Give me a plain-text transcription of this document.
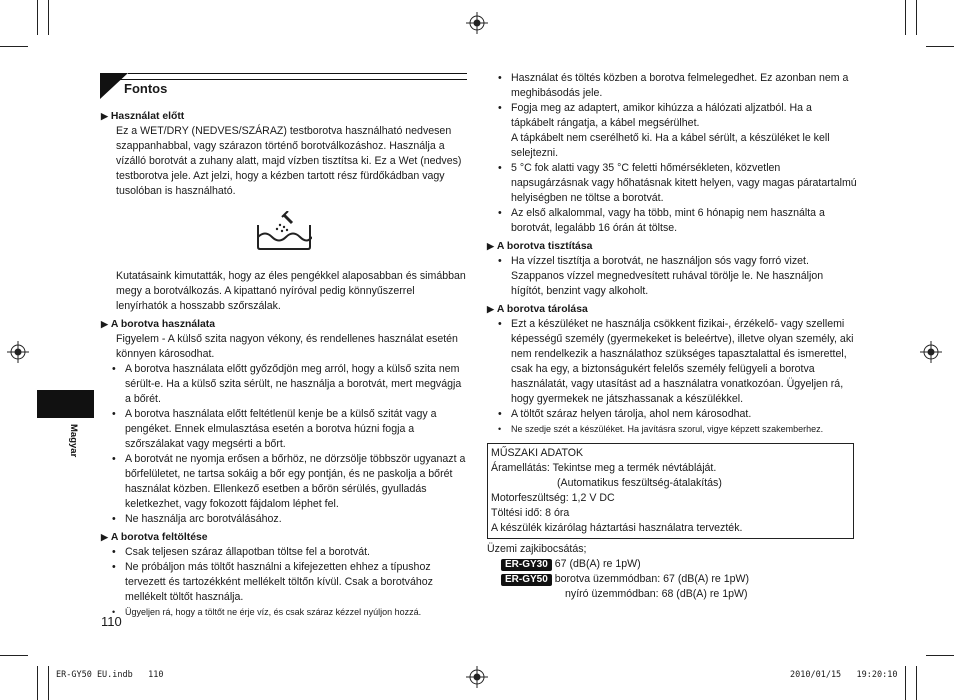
Fontos
Magyar
▶ Használat előtt
Ez a WET/DRY (NEDVES/SZÁRAZ) testborotva használható nedvesen szappanhabbal, vagy szárazon történő borotválkozáshoz. Használja a vízálló borotvát a zuhany alatt, majd vízben tisztítsa ki. Ez a Wet (nedves) testborotva jele. Azt jelzi, hogy a kézben tartott rész fürdőkádban vagy tusolóban is használható.
Kutatásaink kimutatták, hogy az éles pengékkel alaposabban és simábban megy a borotválkozás. A kipattanó nyíróval pedig könnyűszerrel lenyírhatók a hosszabb szőrszálak.
▶ A borotva használata
Figyelem - A külső szita nagyon vékony, és rendellenes használat esetén könnyen károsodhat.
• A borotva használata előtt győződjön meg arról, hogy a külső szita nem sérült-e. Ha a külső szita sérült, ne használja a borotvát, mert megvágja a bőrét.
• A borotva használata előtt feltétlenül kenje be a külső szitát vagy a pengéket. Ennek elmulasztása esetén a borotva húzni fogja a szőrszálakat vagy megsérti a bőrt.
• A borotvát ne nyomja erősen a bőrhöz, ne dörzsölje többször ugyanazt a bőrfelületet, ne tartsa sokáig a bőr egy pontján, és ne paskolja a bőrét használat közben. Ellenkező esetben a bőrön sérülés, gyulladás keletkezhet, vagy fokozott fájdalom léphet fel.
• Ne használja arc borotválásához.
▶ A borotva feltöltése
• Csak teljesen száraz állapotban töltse fel a borotvát.
• Ne próbáljon más töltőt használni a kifejezetten ehhez a típushoz tervezett és tartozékként mellékelt töltőn kívül. Csak a borotvához mellékelt töltőt használja.
• Ügyeljen rá, hogy a töltőt ne érje víz, és csak száraz kézzel nyúljon hozzá.
110
• Használat és töltés közben a borotva felmelegedhet. Ez azonban nem a meghibásodás jele.
• Fogja meg az adaptert, amikor kihúzza a hálózati aljzatból. Ha a tápkábelt rángatja, a kábel megsérülhet.
A tápkábelt nem cserélhető ki. Ha a kábel sérült, a készüléket le kell selejtezni.
• 5 °C fok alatti vagy 35 °C feletti hőmérsékleten, közvetlen napsugárzásnak vagy hőhatásnak kitett helyen, vagy magas páratartalmú helyiségben ne töltse a borotvát.
• Az első alkalommal, vagy ha több, mint 6 hónapig nem használta a borotvát, legalább 16 órán át töltse.
▶ A borotva tisztítása
• Ha vízzel tisztítja a borotvát, ne használjon sós vagy forró vizet. Szappanos vízzel megnedvesített ruhával törölje le. Ne használjon hígítót, benzint vagy alkoholt.
▶ A borotva tárolása
• Ezt a készüléket ne használja csökkent fizikai-, érzékelő- vagy szellemi képességű személy (gyermekeket is beleértve), illetve olyan személy, aki nem rendelkezik a használathoz szükséges tapasztalattal és ismerettel, csak ha egy, a biztonságukért felelős személy felügyeli a borotva használatát, vagy utasítást ad a használatra vonatkozóan. Ügyeljen rá, hogy gyermekek ne játszhassanak a készülékkel.
• A töltőt száraz helyen tárolja, ahol nem károsodhat.
• Ne szedje szét a készüléket. Ha javításra szorul, vigye képzett szakemberhez.
MŰSZAKI ADATOK
Áramellátás: Tekintse meg a termék névtábláját.
(Automatikus feszültség-átalakítás)
Motorfeszültség: 1,2 V DC
Töltési idő: 8 óra
A készülék kizárólag háztartási használatra tervezték.
Üzemi zajkibocsátás;
ER-GY30 67 (dB(A) re 1pW)
ER-GY50 borotva üzemmódban: 67 (dB(A) re 1pW)
nyíró üzemmódban: 68 (dB(A) re 1pW)
ER-GY50 EU.indb   110	2010/01/15   19:20:10
